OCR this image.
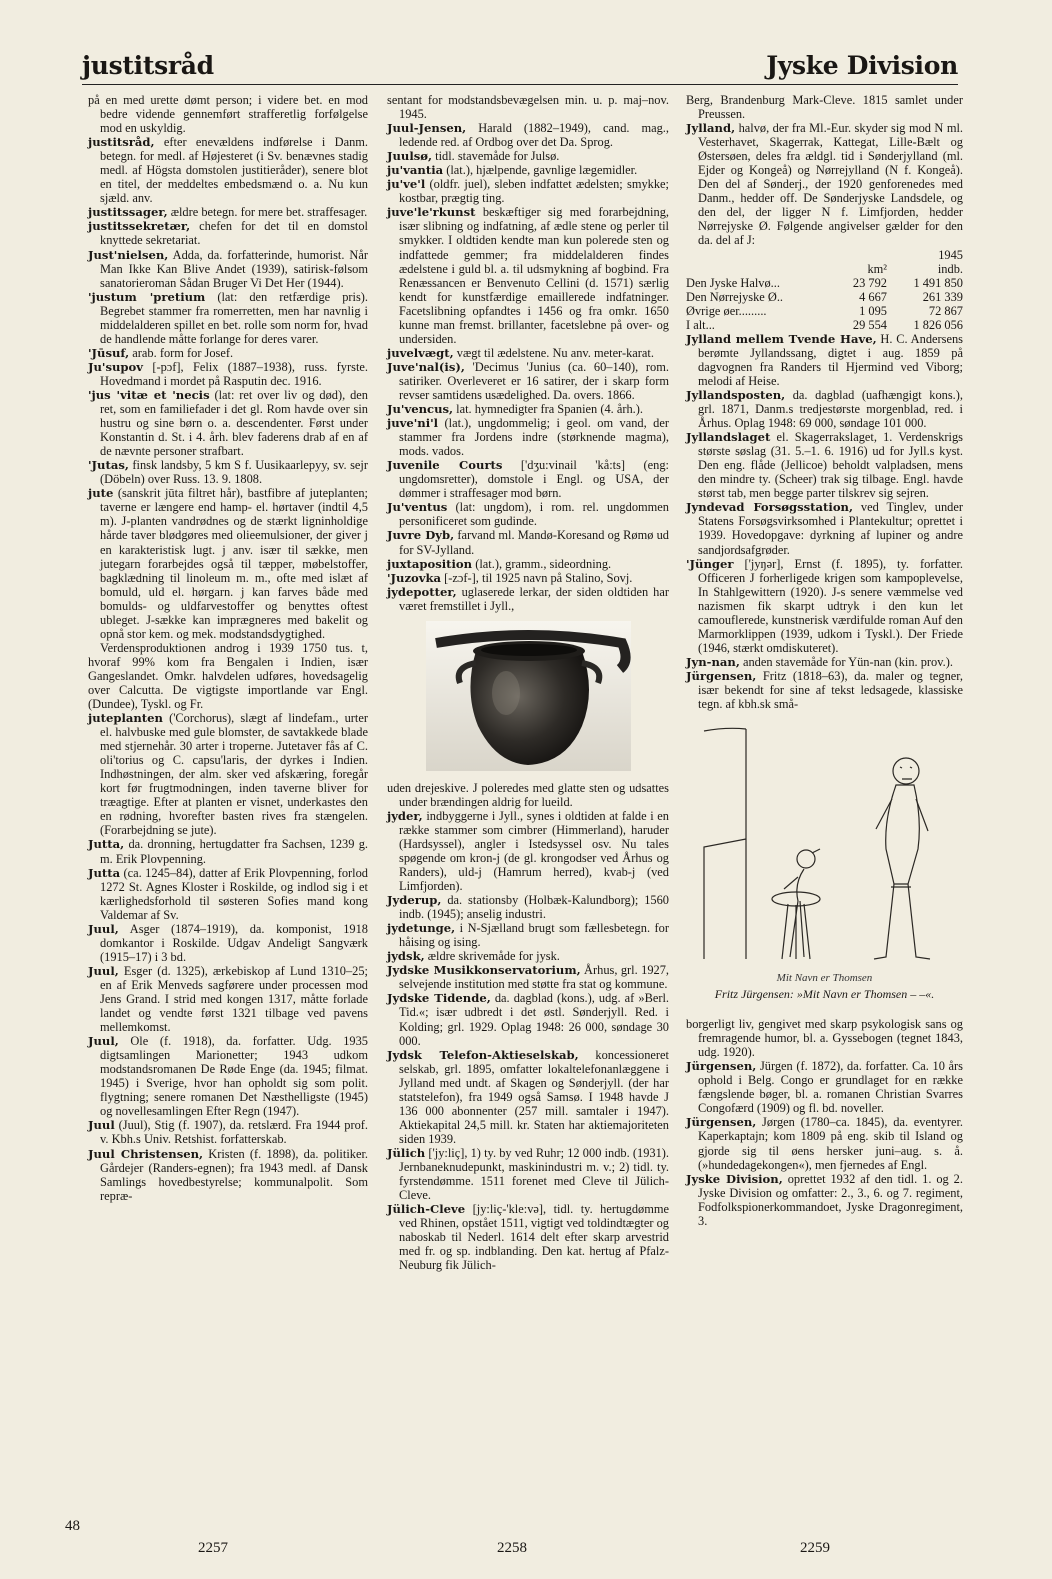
justitsråd	Jyske Division

på en med urette dømt person; i videre bet. en mod bedre vidende gennemført strafferetlig forfølgelse mod en uskyldig.

justitsråd, efter enevældens indførelse i Danm. betegn. for medl. af Højesteret (i Sv. benævnes stadig medl. af Högsta domstolen justitieråder), senere blot en titel, der meddeltes embedsmænd o. a. Nu kun sjæld. anv.

justitssager, ældre betegn. for mere bet. straffesager.

justitssekretær, chefen for det til en domstol knyttede sekretariat.

Just'nielsen, Adda, da. forfatterinde, humorist. Når Man Ikke Kan Blive Andet (1939), satirisk-følsom sanatorieroman Sådan Bruger Vi Det Her (1944).

'justum 'pretium (lat: den retfærdige pris). Begrebet stammer fra romerretten, men har navnlig i middelalderen spillet en bet. rolle som norm for, hvad de handlende måtte forlange for deres varer.

'Jūsuf, arab. form for Josef.

Ju'supov [-pɔf], Felix (1887–1938), russ. fyrste. Hovedmand i mordet på Rasputin dec. 1916.

'jus 'vitæ et 'necis (lat: ret over liv og død), den ret, som en familiefader i det gl. Rom havde over sin hustru og sine børn o. a. descendenter. Først under Konstantin d. St. i 4. årh. blev faderens drab af en af de nævnte personer strafbart.

'Jutas, finsk landsby, 5 km S f. Uusikaarlepyy, sv. sejr (Döbeln) over Russ. 13. 9. 1808.

jute (sanskrit jūta filtret hår), bastfibre af juteplanten; taverne er længere end hamp- el. hørtaver (indtil 4,5 m). J-planten vandrødnes og de stærkt ligninholdige hårde taver blødgøres med olieemulsioner, der giver j en karakteristisk lugt. j anv. især til sække, men jutegarn forarbejdes også til tæpper, møbelstoffer, bagklædning til linoleum m. m., ofte med islæt af bomuld, uld el. hørgarn. j kan farves både med bomulds- og uldfarvestoffer og benyttes oftest ubleget. J-sække kan imprægneres med bakelit og opnå stor kem. og mek. modstandsdygtighed.

Verdensproduktionen androg i 1939 1750 tus. t, hvoraf 99% kom fra Bengalen i Indien, især Gangeslandet. Omkr. halvdelen udføres, hovedsagelig over Calcutta. De vigtigste importlande var Engl. (Dundee), Tyskl. og Fr.

juteplanten ('Corchorus), slægt af lindefam., urter el. halvbuske med gule blomster, de savtakkede blade med stjernehår. 30 arter i troperne. Jutetaver fås af C. oli'torius og C. capsu'laris, der dyrkes i Indien. Indhøstningen, der alm. sker ved afskæring, foregår kort før frugtmodningen, inden taverne bliver for træagtige. Efter at planten er visnet, underkastes den en rødning, hvorefter basten rives fra stængelen. (Forarbejdning se jute).

Jutta, da. dronning, hertugdatter fra Sachsen, 1239 g. m. Erik Plovpenning.

Jutta (ca. 1245–84), datter af Erik Plovpenning, forlod 1272 St. Agnes Kloster i Roskilde, og indlod sig i et kærlighedsforhold til søsteren Sofies mand kong Valdemar af Sv.

Juul, Asger (1874–1919), da. komponist, 1918 domkantor i Roskilde. Udgav Andeligt Sangværk (1915–17) i 3 bd.

Juul, Esger (d. 1325), ærkebiskop af Lund 1310–25; en af Erik Menveds sagførere under processen mod Jens Grand. I strid med kongen 1317, måtte forlade landet og vendte først 1321 tilbage ved pavens mellemkomst.

Juul, Ole (f. 1918), da. forfatter. Udg. 1935 digtsamlingen Marionetter; 1943 udkom modstandsromanen De Røde Enge (da. 1945; filmat. 1945) i Sverige, hvor han opholdt sig som polit. flygtning; senere romanen Det Næsthelligste (1945) og novellesamlingen Efter Regn (1947).

Juul (Juul), Stig (f. 1907), da. retslærd. Fra 1944 prof. v. Kbh.s Univ. Retshist. forfatterskab.

Juul Christensen, Kristen (f. 1898), da. politiker. Gårdejer (Randers-egnen); fra 1943 medl. af Dansk Samlings hovedbestyrelse; kommunalpolit. Som repræ-

sentant for modstandsbevægelsen min. u. p. maj–nov. 1945.

Juul-Jensen, Harald (1882–1949), cand. mag., ledende red. af Ordbog over det Da. Sprog.

Juulsø, tidl. stavemåde for Julsø.

ju'vantia (lat.), hjælpende, gavnlige lægemidler.

ju've'l (oldfr. juel), sleben indfattet ædelsten; smykke; kostbar, prægtig ting.

juve'le'rkunst beskæftiger sig med forarbejdning, især slibning og indfatning, af ædle stene og perler til smykker. I oldtiden kendte man kun polerede sten og indfattede gemmer; fra middelalderen findes ædelstene i guld bl. a. til udsmykning af bogbind. Fra Renæssancen er Benvenuto Cellini (d. 1571) særlig kendt for kunstfærdige emaillerede indfatninger. Facetslibning opfandtes i 1456 og fra omkr. 1650 kunne man fremst. brillanter, facetslebne på over- og undersiden.

juvelvægt, vægt til ædelstene. Nu anv. meter-karat.

Juve'nal(is), 'Decimus 'Junius (ca. 60–140), rom. satiriker. Overleveret er 16 satirer, der i skarp form revser samtidens usædelighed. Da. overs. 1866.

Ju'vencus, lat. hymnedigter fra Spanien (4. årh.).

juve'ni'l (lat.), ungdommelig; i geol. om vand, der stammer fra Jordens indre (størknende magma), mods. vados.

Juvenile Courts ['dʒu:vinail 'kå:ts] (eng: ungdomsretter), domstole i Engl. og USA, der dømmer i straffesager mod børn.

Ju'ventus (lat: ungdom), i rom. rel. ungdommen personificeret som gudinde.

Juvre Dyb, farvand ml. Mandø-Koresand og Rømø ud for SV-Jylland.

juxtaposition (lat.), gramm., sideordning.

'Juzovka [-zɔf-], til 1925 navn på Stalino, Sovj.

jydepotter, uglaserede lerkar, der siden oldtiden har været fremstillet i Jyll.,

uden drejeskive. J poleredes med glatte sten og udsattes under brændingen aldrig for lueild.

jyder, indbyggerne i Jyll., synes i oldtiden at falde i en række stammer som cimbrer (Himmerland), haruder (Hardsyssel), angler i Istedsyssel osv. Nu tales spøgende om kron-j (de gl. krongodser ved Århus og Randers), uld-j (Hamrum herred), kvab-j (ved Limfjorden).

Jyderup, da. stationsby (Holbæk-Kalundborg); 1560 indb. (1945); anselig industri.

jydetunge, i N-Sjælland brugt som fællesbetegn. for håising og ising.

jydsk, ældre skrivemåde for jysk.

Jydske Musikkonservatorium, Århus, grl. 1927, selvejende institution med støtte fra stat og kommune.

Jydske Tidende, da. dagblad (kons.), udg. af »Berl. Tid.«; især udbredt i det østl. Sønderjyll. Red. i Kolding; grl. 1929. Oplag 1948: 26 000, søndage 30 000.

Jydsk Telefon-Aktieselskab, koncessioneret selskab, grl. 1895, omfatter lokaltelefonanlæggene i Jylland med undt. af Skagen og Sønderjyll. (der har statstelefon), fra 1949 også Samsø. I 1948 havde J 136 000 abonnenter (257 mill. samtaler i 1947). Aktiekapital 24,5 mill. kr. Staten har aktiemajoriteten siden 1939.

Jülich ['jy:liç], 1) ty. by ved Ruhr; 12 000 indb. (1931). Jernbaneknudepunkt, maskinindustri m. v.; 2) tidl. ty. fyrstendømme. 1511 forenet med Cleve til Jülich-Cleve.

Jülich-Cleve [jy:liç-'kle:və], tidl. ty. hertugdømme ved Rhinen, opstået 1511, vigtigt ved toldindtægter og naboskab til Nederl. 1614 delt efter skarp arvestrid med fr. og sp. indblanding. Den kat. hertug af Pfalz-Neuburg fik Jülich-

Berg, Brandenburg Mark-Cleve. 1815 samlet under Preussen.

Jylland, halvø, der fra Ml.-Eur. skyder sig mod N ml. Vesterhavet, Skagerrak, Kattegat, Lille-Bælt og Østersøen, deles fra ældgl. tid i Sønderjylland (ml. Ejder og Kongeå) og Nørrejylland (N f. Kongeå). Den del af Sønderj., der 1920 genforenedes med Danm., hedder off. De Sønderjyske Landsdele, og den del, der ligger N f. Limfjorden, hedder Nørrejyske Ø. Følgende angivelser gælder for den da. del af J:

		1945
	km²	indb.
Den Jyske Halvø...	23 792	1 491 850
Den Nørrejyske Ø..	4 667	261 339
Øvrige øer.........	1 095	72 867
I alt...	29 554	1 826 056

Jylland mellem Tvende Have, H. C. Andersens berømte Jyllandssang, digtet i aug. 1859 på dagvognen fra Randers til Hjermind ved Viborg; melodi af Heise.

Jyllandsposten, da. dagblad (uafhængigt kons.), grl. 1871, Danm.s tredjestørste morgenblad, red. i Århus. Oplag 1948: 69 000, søndage 101 000.

Jyllandslaget el. Skagerrakslaget, 1. Verdenskrigs største søslag (31. 5.–1. 6. 1916) ud for Jyll.s kyst. Den eng. flåde (Jellicoe) beholdt valpladsen, mens den mindre ty. (Scheer) trak sig tilbage. Engl. havde størst tab, men begge parter tilskrev sig sejren.

Jyndevad Forsøgsstation, ved Tinglev, under Statens Forsøgsvirksomhed i Plantekultur; oprettet i 1939. Hovedopgave: dyrkning af lupiner og andre sandjordsafgrøder.

'Jünger ['jyŋər], Ernst (f. 1895), ty. forfatter. Officeren J forherligede krigen som kampoplevelse, In Stahlgewittern (1920). J-s senere væmmelse ved nazismen fik skarpt udtryk i den kun let camouflerede, kunstnerisk værdifulde roman Auf den Marmorklippen (1939, udkom i Tyskl.). Der Friede (1946, stærkt omdiskuteret).

Jyn-nan, anden stavemåde for Yün-nan (kin. prov.).

Jürgensen, Fritz (1818–63), da. maler og tegner, især bekendt for sine af tekst ledsagede, klassiske tegn. af kbh.sk små-

Mit Navn er Thomsen
Fritz Jürgensen: »Mit Navn er Thomsen – –«.

borgerligt liv, gengivet med skarp psykologisk sans og fremragende humor, bl. a. Gyssebogen (tegnet 1843, udg. 1920).

Jürgensen, Jürgen (f. 1872), da. forfatter. Ca. 10 års ophold i Belg. Congo er grundlaget for en række fængslende bøger, bl. a. romanen Christian Svarres Congofærd (1909) og fl. bd. noveller.

Jürgensen, Jørgen (1780–ca. 1845), da. eventyrer. Kaperkaptajn; kom 1809 på eng. skib til Island og gjorde sig til øens hersker juni–aug. s. å. (»hundedagekongen«), men fjernedes af Engl.

Jyske Division, oprettet 1932 af den tidl. 1. og 2. Jyske Division og omfatter: 2., 3., 6. og 7. regiment, Fodfolkspionerkommandoet, Jyske Dragonregiment, 3.

48
2257	2258	2259
